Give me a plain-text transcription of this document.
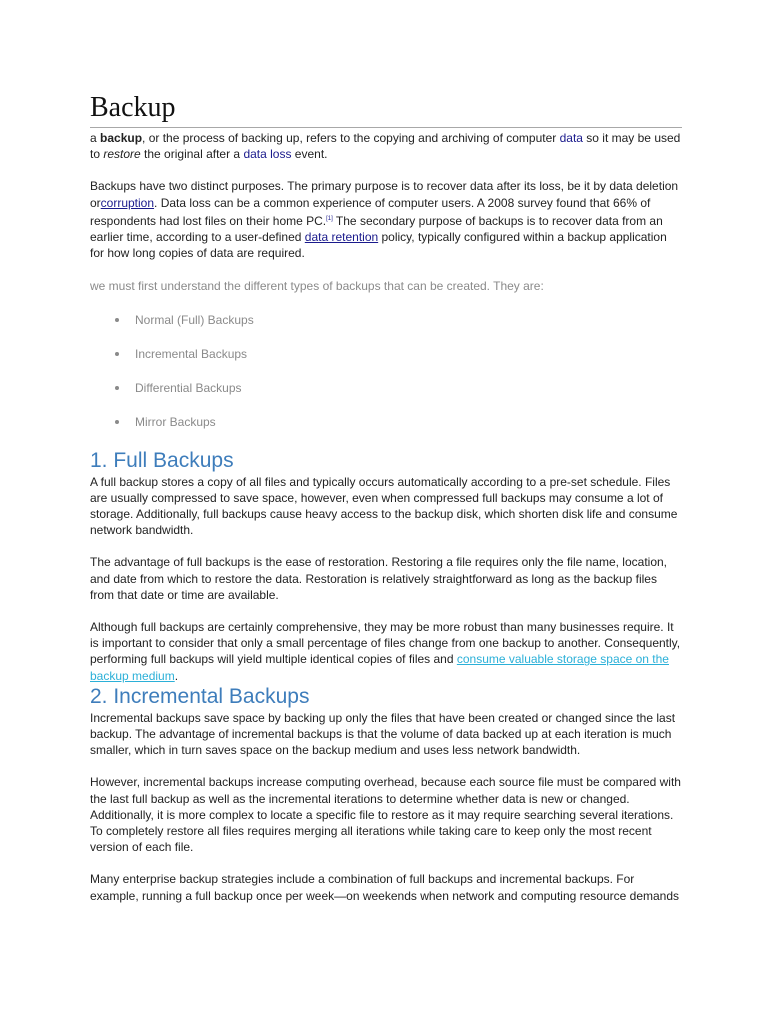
Backup

a backup, or the process of backing up, refers to the copying and archiving of computer data so it may be used to restore the original after a data loss event.

Backups have two distinct purposes. The primary purpose is to recover data after its loss, be it by data deletion orcorruption. Data loss can be a common experience of computer users. A 2008 survey found that 66% of respondents had lost files on their home PC.[1] The secondary purpose of backups is to recover data from an earlier time, according to a user-defined data retention policy, typically configured within a backup application for how long copies of data are required.

we must first understand the different types of backups that can be created. They are:

Normal (Full) Backups
Incremental Backups
Differential Backups
Mirror Backups
1. Full Backups

A full backup stores a copy of all files and typically occurs automatically according to a pre-set schedule. Files are usually compressed to save space, however, even when compressed full backups may consume a lot of storage. Additionally, full backups cause heavy access to the backup disk, which shorten disk life and consume network bandwidth.

The advantage of full backups is the ease of restoration. Restoring a file requires only the file name, location, and date from which to restore the data. Restoration is relatively straightforward as long as the backup files from that date or time are available.

Although full backups are certainly comprehensive, they may be more robust than many businesses require. It is important to consider that only a small percentage of files change from one backup to another. Consequently, performing full backups will yield multiple identical copies of files and consume valuable storage space on the backup medium.

2. Incremental Backups

Incremental backups save space by backing up only the files that have been created or changed since the last backup. The advantage of incremental backups is that the volume of data backed up at each iteration is much smaller, which in turn saves space on the backup medium and uses less network bandwidth.

However, incremental backups increase computing overhead, because each source file must be compared with the last full backup as well as the incremental iterations to determine whether data is new or changed. Additionally, it is more complex to locate a specific file to restore as it may require searching several iterations. To completely restore all files requires merging all iterations while taking care to keep only the most recent version of each file.

Many enterprise backup strategies include a combination of full backups and incremental backups. For example, running a full backup once per week—on weekends when network and computing resource demands
